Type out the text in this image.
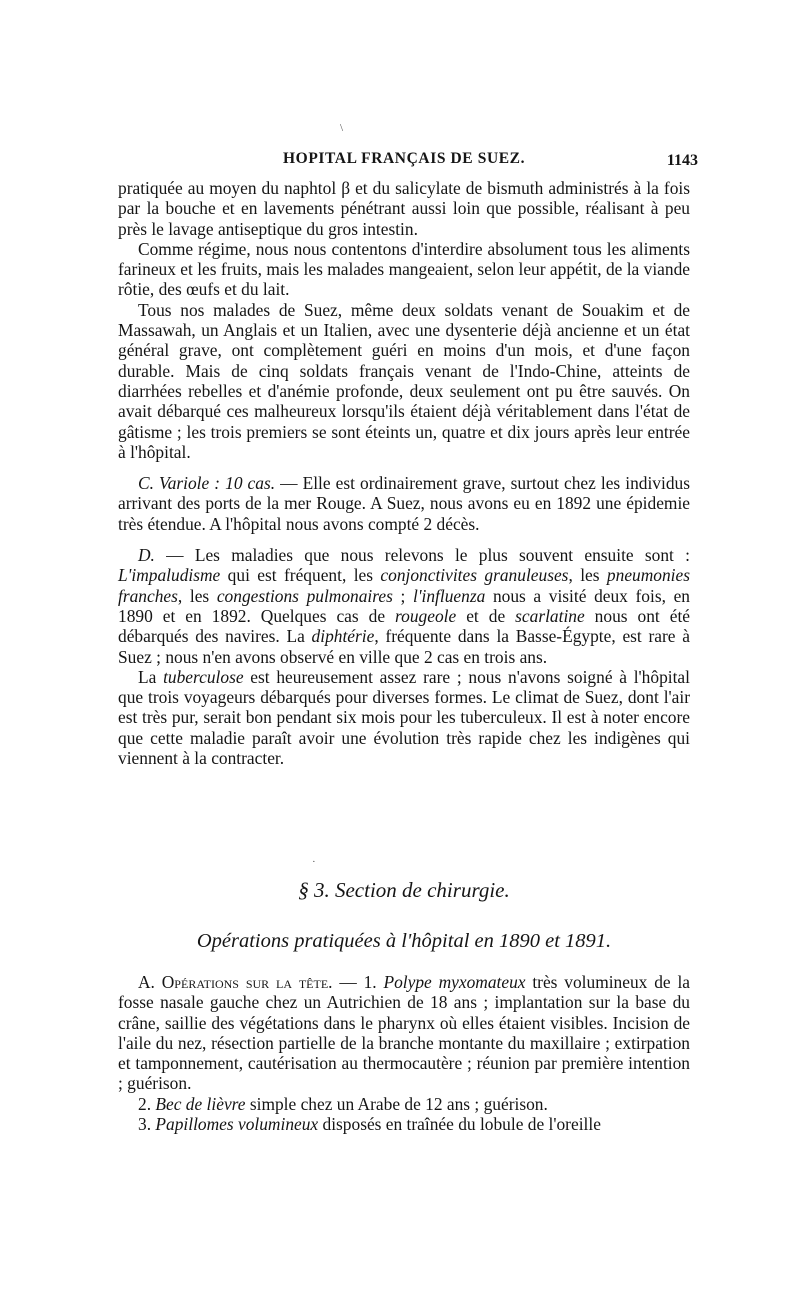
HOPITAL FRANÇAIS DE SUEZ.	1143
\

pratiquée au moyen du naphtol β et du salicylate de bismuth administrés à la fois par la bouche et en lavements pénétrant aussi loin que possible, réalisant à peu près le lavage antiseptique du gros intestin.

Comme régime, nous nous contentons d'interdire absolument tous les aliments farineux et les fruits, mais les malades mangeaient, selon leur appétit, de la viande rôtie, des œufs et du lait.

Tous nos malades de Suez, même deux soldats venant de Souakim et de Massawah, un Anglais et un Italien, avec une dysenterie déjà ancienne et un état général grave, ont complètement guéri en moins d'un mois, et d'une façon durable. Mais de cinq soldats français venant de l'Indo-Chine, atteints de diarrhées rebelles et d'anémie profonde, deux seulement ont pu être sauvés. On avait débarqué ces malheureux lorsqu'ils étaient déjà véritablement dans l'état de gâtisme ; les trois premiers se sont éteints un, quatre et dix jours après leur entrée à l'hôpital.

C. Variole : 10 cas. — Elle est ordinairement grave, surtout chez les individus arrivant des ports de la mer Rouge. A Suez, nous avons eu en 1892 une épidemie très étendue. A l'hôpital nous avons compté 2 décès.

D. — Les maladies que nous relevons le plus souvent ensuite sont : L'impaludisme qui est fréquent, les conjonctivites granuleuses, les pneumonies franches, les congestions pulmonaires ; l'influenza nous a visité deux fois, en 1890 et en 1892. Quelques cas de rougeole et de scarlatine nous ont été débarqués des navires. La diphtérie, fréquente dans la Basse-Égypte, est rare à Suez ; nous n'en avons observé en ville que 2 cas en trois ans.

La tuberculose est heureusement assez rare ; nous n'avons soigné à l'hôpital que trois voyageurs débarqués pour diverses formes. Le climat de Suez, dont l'air est très pur, serait bon pendant six mois pour les tuberculeux. Il est à noter encore que cette maladie paraît avoir une évolution très rapide chez les indigènes qui viennent à la contracter.

·
§ 3. Section de chirurgie.
Opérations pratiquées à l'hôpital en 1890 et 1891.

A. Opérations sur la tête. — 1. Polype myxomateux très volumineux de la fosse nasale gauche chez un Autrichien de 18 ans ; implantation sur la base du crâne, saillie des végétations dans le pharynx où elles étaient visibles. Incision de l'aile du nez, résection partielle de la branche montante du maxillaire ; extirpation et tamponnement, cautérisation au thermocautère ; réunion par première intention ; guérison.

2. Bec de lièvre simple chez un Arabe de 12 ans ; guérison.

3. Papillomes volumineux disposés en traînée du lobule de l'oreille
